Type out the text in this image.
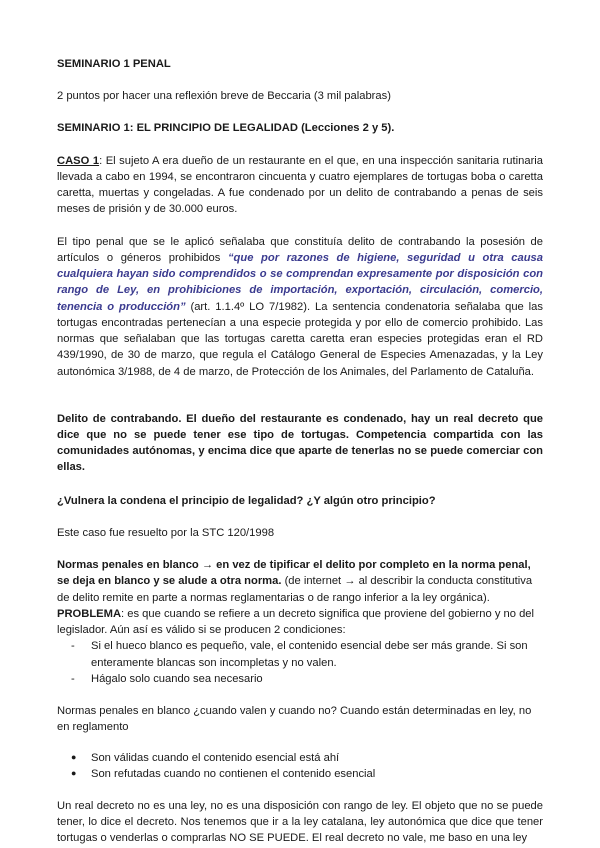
SEMINARIO 1 PENAL

2 puntos por hacer una reflexión breve de Beccaria (3 mil palabras)

SEMINARIO 1: EL PRINCIPIO DE LEGALIDAD (Lecciones 2 y 5).

CASO 1: El sujeto A era dueño de un restaurante en el que, en una inspección sanitaria rutinaria llevada a cabo en 1994, se encontraron cincuenta y cuatro ejemplares de tortugas boba o caretta caretta, muertas y congeladas. A fue condenado por un delito de contrabando a penas de seis meses de prisión y de 30.000 euros.

El tipo penal que se le aplicó señalaba que constituía delito de contrabando la posesión de artículos o géneros prohibidos “que por razones de higiene, seguridad u otra causa cualquiera hayan sido comprendidos o se comprendan expresamente por disposición con rango de Ley, en prohibiciones de importación, exportación, circulación, comercio, tenencia o producción” (art. 1.1.4º LO 7/1982). La sentencia condenatoria señalaba que las tortugas encontradas pertenecían a una especie protegida y por ello de comercio prohibido. Las normas que señalaban que las tortugas caretta caretta eran especies protegidas eran el RD 439/1990, de 30 de marzo, que regula el Catálogo General de Especies Amenazadas, y la Ley autonómica 3/1988, de 4 de marzo, de Protección de los Animales, del Parlamento de Cataluña.

Delito de contrabando. El dueño del restaurante es condenado, hay un real decreto que dice que no se puede tener ese tipo de tortugas. Competencia compartida con las comunidades autónomas, y encima dice que aparte de tenerlas no se puede comerciar con ellas.

¿Vulnera la condena el principio de legalidad? ¿Y algún otro principio?

Este caso fue resuelto por la STC 120/1998

Normas penales en blanco → en vez de tipificar el delito por completo en la norma penal, se deja en blanco y se alude a otra norma. (de internet → al describir la conducta constitutiva de delito remite en parte a normas reglamentarias o de rango inferior a la ley orgánica). PROBLEMA: es que cuando se refiere a un decreto significa que proviene del gobierno y no del legislador. Aún así es válido si se producen 2 condiciones:

- Si el hueco blanco es pequeño, vale, el contenido esencial debe ser más grande. Si son enteramente blancas son incompletas y no valen.
- Hágalo solo cuando sea necesario

Normas penales en blanco ¿cuando valen y cuando no? Cuando están determinadas en ley, no en reglamento

● Son válidas cuando el contenido esencial está ahí
● Son refutadas cuando no contienen el contenido esencial

Un real decreto no es una ley, no es una disposición con rango de ley. El objeto que no se puede tener, lo dice el decreto. Nos tenemos que ir a la ley catalana, ley autonómica que dice que tener tortugas o venderlas o comprarlas NO SE PUEDE. El real decreto no vale, me baso en una ley
